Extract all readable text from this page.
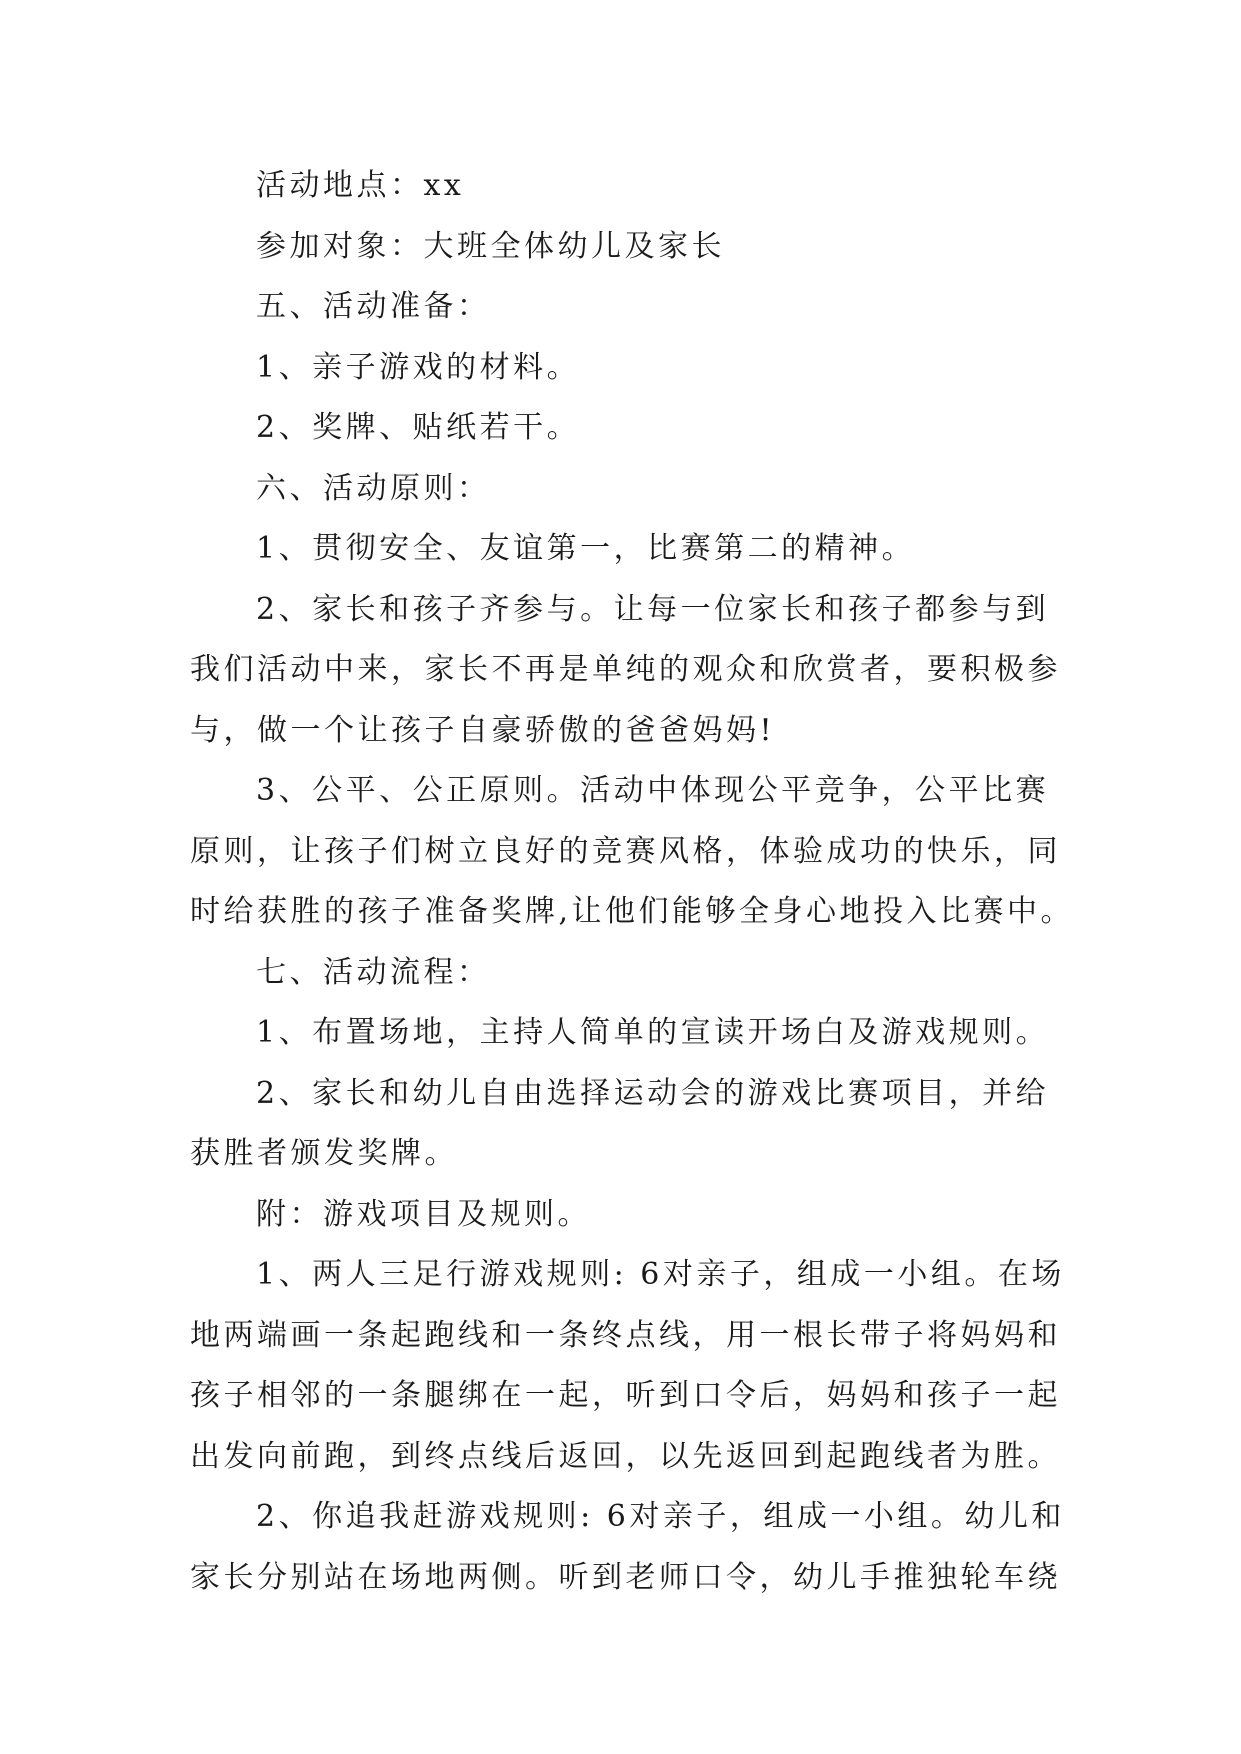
活动地点：xx

参加对象：大班全体幼儿及家长

五、活动准备：

1、亲子游戏的材料。

2、奖牌、贴纸若干。

六、活动原则：

1、贯彻安全、友谊第一，比赛第二的精神。

2、家长和孩子齐参与。让每一位家长和孩子都参与到
我们活动中来，家长不再是单纯的观众和欣赏者，要积极参
与，做一个让孩子自豪骄傲的爸爸妈妈!

3、公平、公正原则。活动中体现公平竞争，公平比赛
原则，让孩子们树立良好的竞赛风格，体验成功的快乐，同
时给获胜的孩子准备奖牌,让他们能够全身心地投入比赛中。

七、活动流程：

1、布置场地，主持人简单的宣读开场白及游戏规则。

2、家长和幼儿自由选择运动会的游戏比赛项目，并给
获胜者颁发奖牌。

附：游戏项目及规则。

1、两人三足行游戏规则: 6对亲子，组成一小组。在场
地两端画一条起跑线和一条终点线，用一根长带子将妈妈和
孩子相邻的一条腿绑在一起，听到口令后，妈妈和孩子一起
出发向前跑，到终点线后返回，以先返回到起跑线者为胜。

2、你追我赶游戏规则: 6对亲子，组成一小组。幼儿和
家长分别站在场地两侧。听到老师口令，幼儿手推独轮车绕
